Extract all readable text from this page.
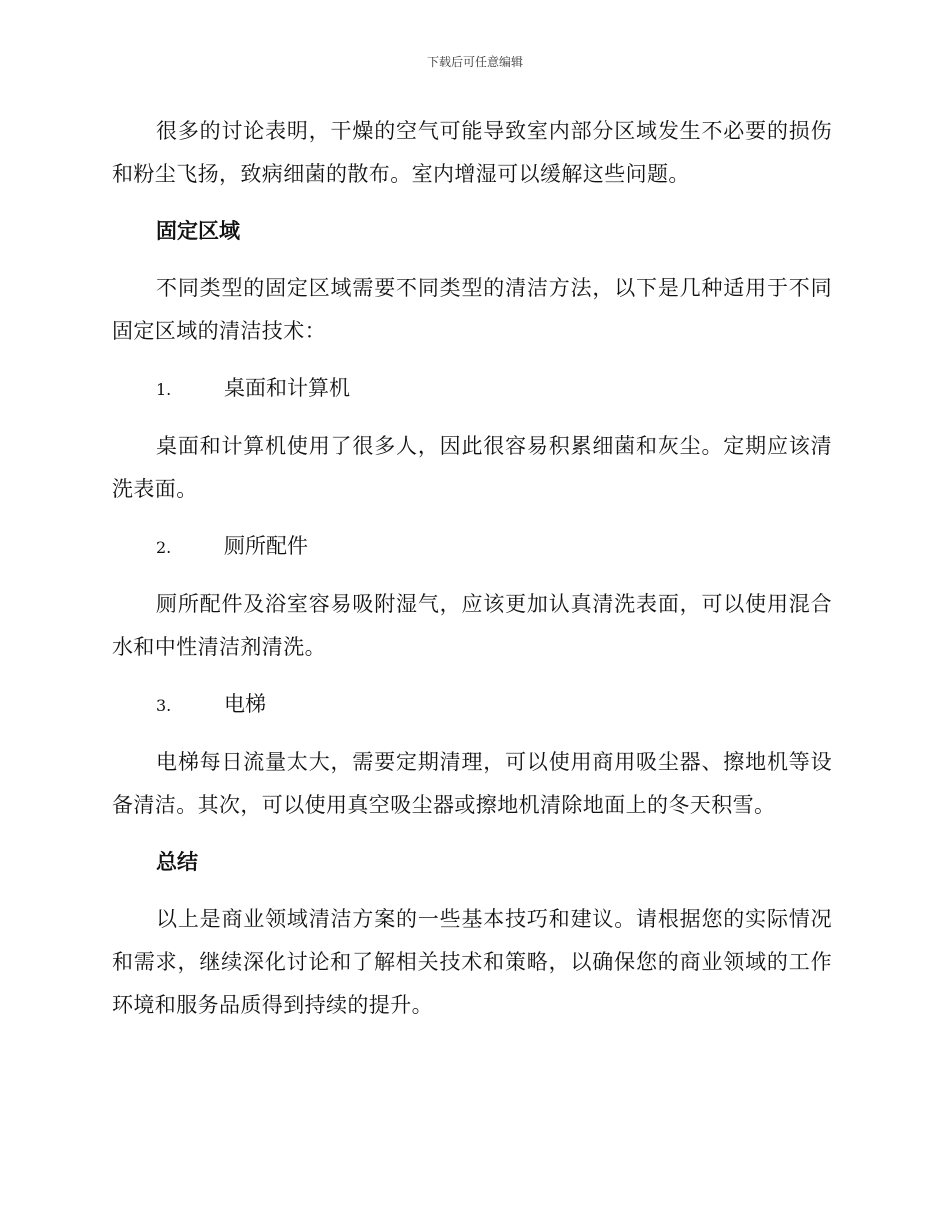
下载后可任意编辑

很多的讨论表明，干燥的空气可能导致室内部分区域发生不必要的损伤和粉尘飞扬，致病细菌的散布。室内增湿可以缓解这些问题。

固定区域

不同类型的固定区域需要不同类型的清洁方法，以下是几种适用于不同固定区域的清洁技术：

1.	桌面和计算机

桌面和计算机使用了很多人，因此很容易积累细菌和灰尘。定期应该清洗表面。

2.	厕所配件

厕所配件及浴室容易吸附湿气，应该更加认真清洗表面，可以使用混合水和中性清洁剂清洗。

3.	电梯

电梯每日流量太大，需要定期清理，可以使用商用吸尘器、擦地机等设备清洁。其次，可以使用真空吸尘器或擦地机清除地面上的冬天积雪。

总结

以上是商业领域清洁方案的一些基本技巧和建议。请根据您的实际情况和需求，继续深化讨论和了解相关技术和策略，以确保您的商业领域的工作环境和服务品质得到持续的提升。
